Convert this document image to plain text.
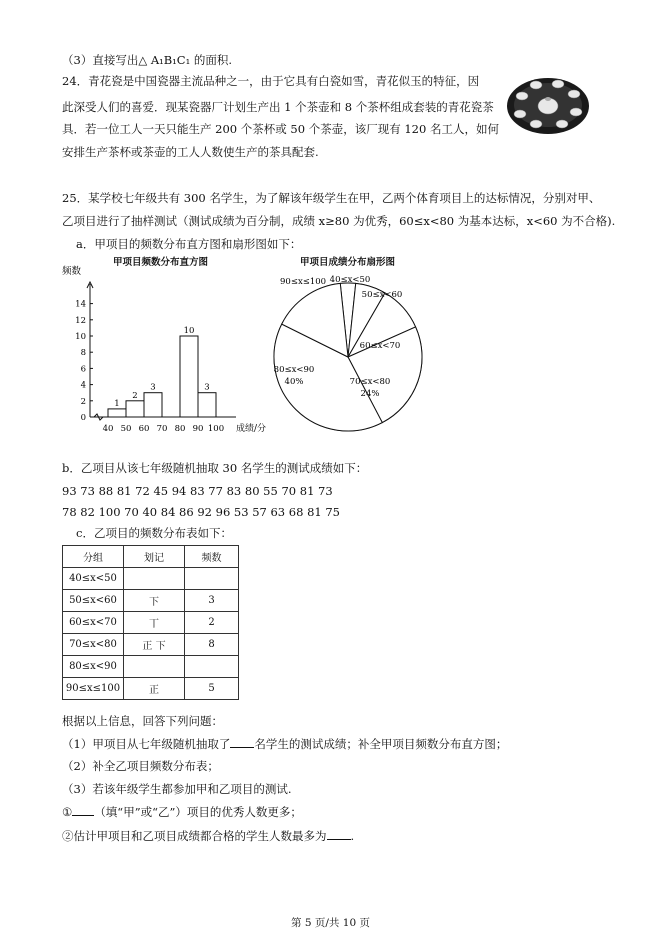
（3）直接写出△ A₁B₁C₁ 的面积.
24．青花瓷是中国瓷器主流品种之一，由于它具有白瓷如雪，青花似玉的特征，因
此深受人们的喜爱．现某瓷器厂计划生产出 1 个茶壶和 8 个茶杯组成套装的青花瓷茶
具．若一位工人一天只能生产 200 个茶杯或 50 个茶壶，该厂现有 120 名工人，如何
安排生产茶杯或茶壶的工人人数使生产的茶具配套.
25．某学校七年级共有 300 名学生，为了解该年级学生在甲，乙两个体育项目上的达标情况，分别对甲、
乙项目进行了抽样测试（测试成绩为百分制，成绩 x≥80 为优秀，60≤x<80 为基本达标，x<60 为不合格).
a．甲项目的频数分布直方图和扇形图如下：
甲项目频数分布直方图	甲项目成绩分布扇形图
频数
0
2
4
6
8
10
12
14
40 50 60 70 80 90 100 成绩/分
1
2
3
10
3
40≤x<50
50≤x<60
60≤x<70
70≤x<80
24%
80≤x<90
40%
90≤x≤100
b．乙项目从该七年级随机抽取 30 名学生的测试成绩如下：
93 73 88 81 72 45 94 83 77 83 80 55 70 81 73
78 82 100 70 40 84 86 92 96 53 57 63 68 81 75
c．乙项目的频数分布表如下：
分组	划记	频数
40≤x<50		
50≤x<60	下	3
60≤x<70	丅	2
70≤x<80	正 下	8
80≤x<90		
90≤x≤100	正	5
根据以上信息，回答下列问题：
（1）甲项目从七年级随机抽取了 名学生的测试成绩；补全甲项目频数分布直方图；
（2）补全乙项目频数分布表；
（3）若该年级学生都参加甲和乙项目的测试.
① （填“甲”或“乙”）项目的优秀人数更多；
②估计甲项目和乙项目成绩都合格的学生人数最多为 .
第 5 页/共 10 页
